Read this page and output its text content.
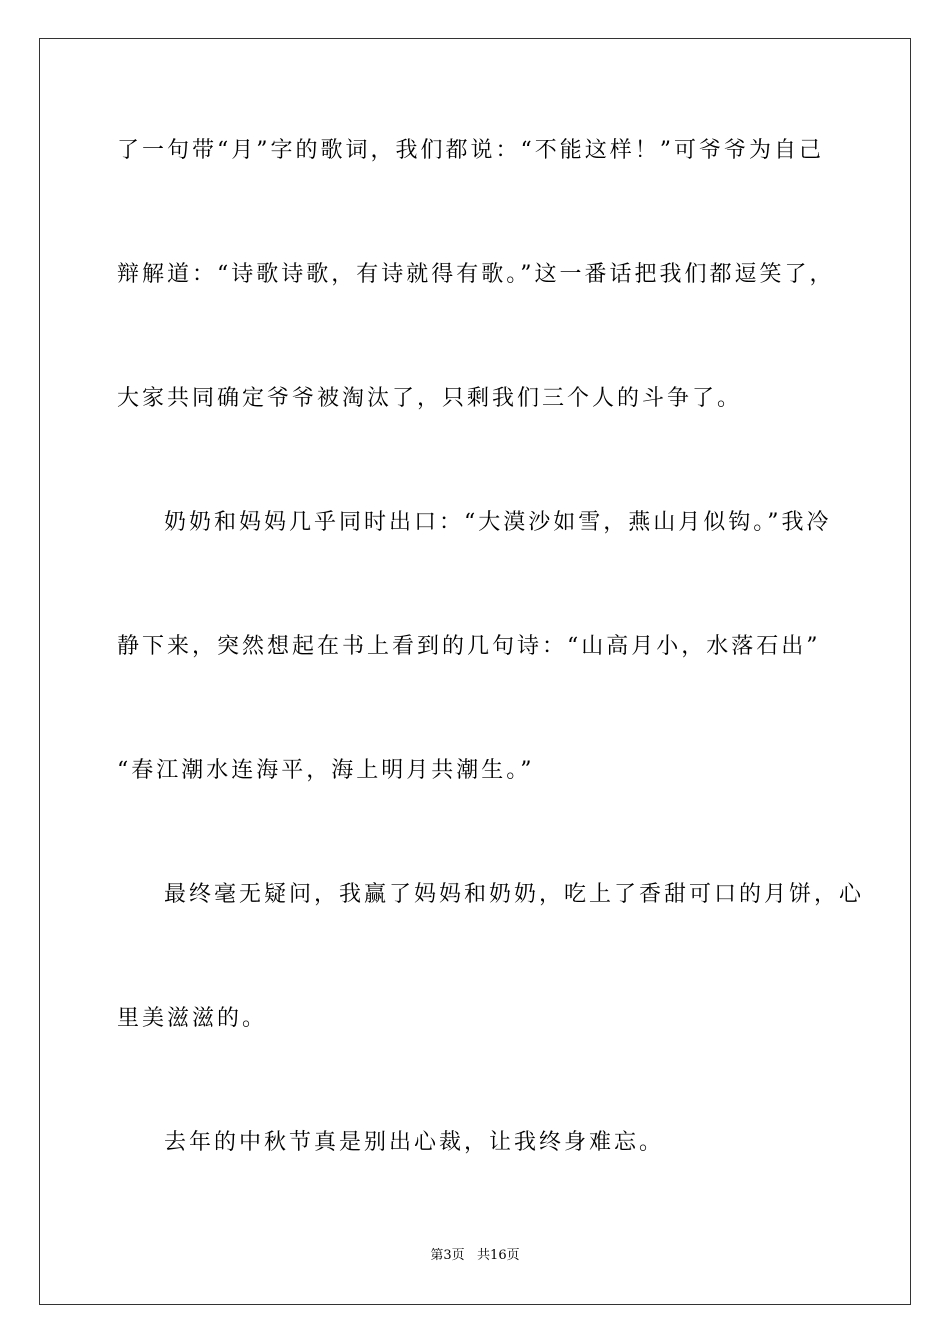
了一句带“月”字的歌词，我们都说：“不能这样！”可爷爷为自己
辩解道：“诗歌诗歌，有诗就得有歌。”这一番话把我们都逗笑了，
大家共同确定爷爷被淘汰了，只剩我们三个人的斗争了。
奶奶和妈妈几乎同时出口：“大漠沙如雪，燕山月似钩。”我冷
静下来，突然想起在书上看到的几句诗：“山高月小，水落石出”
“春江潮水连海平，海上明月共潮生。”
最终毫无疑问，我赢了妈妈和奶奶，吃上了香甜可口的月饼，心
里美滋滋的。
去年的中秋节真是别出心裁，让我终身难忘。
第3页   共16页
